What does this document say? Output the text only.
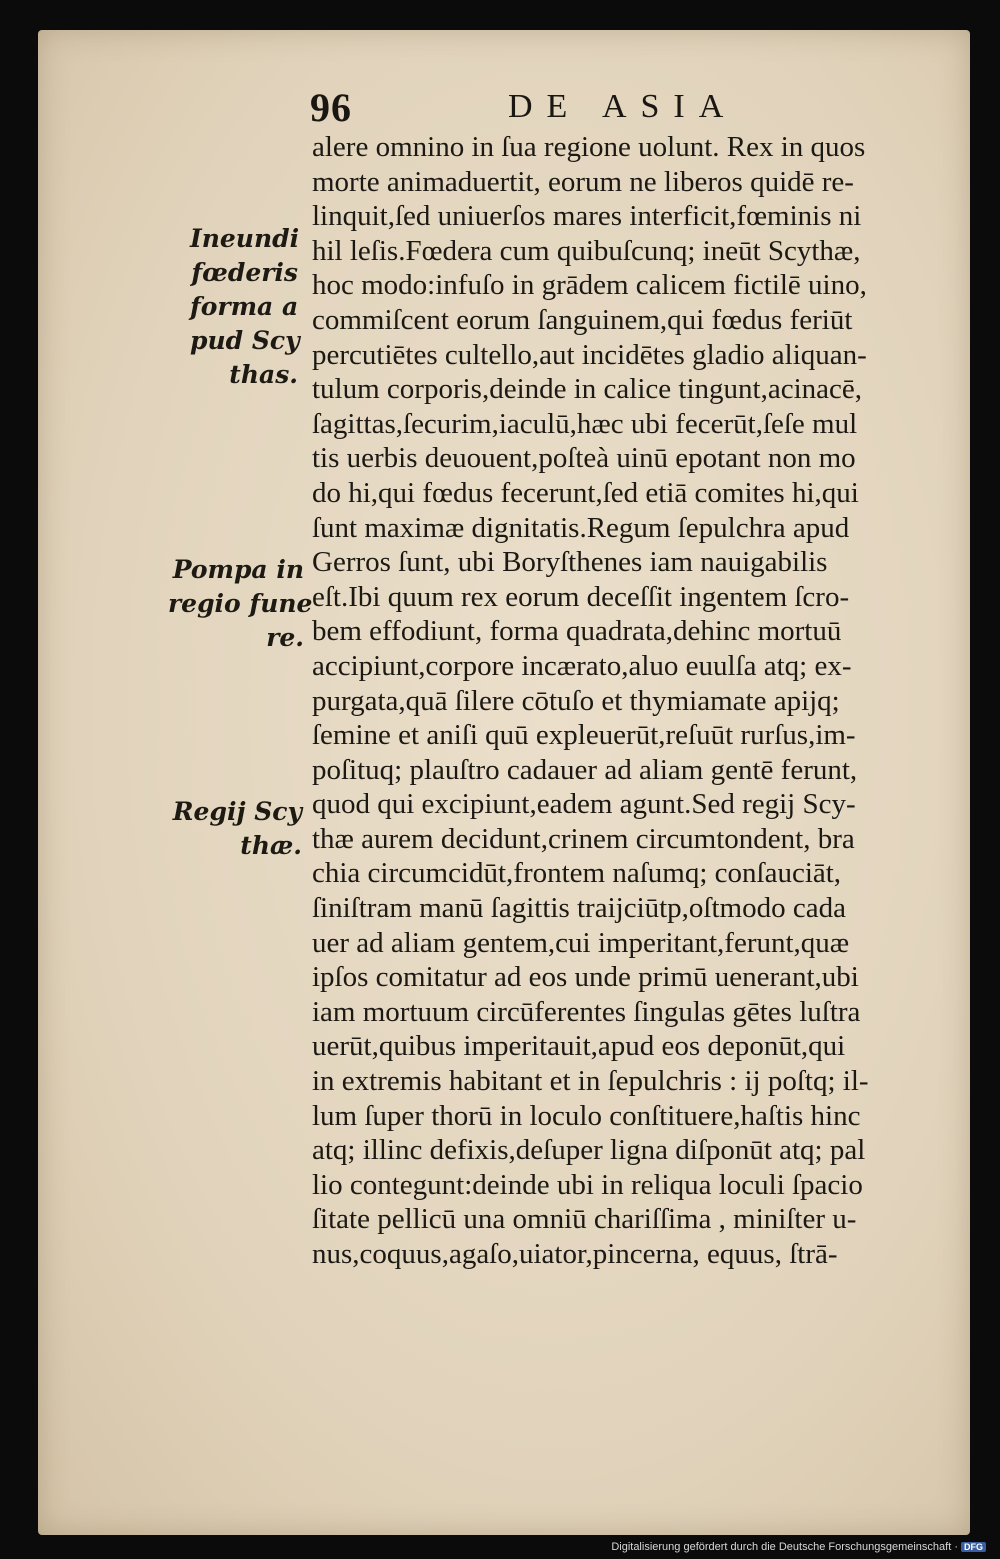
96	DE ASIA
alere omnino in ſua regione uolunt. Rex in quos
morte animaduertit, eorum ne liberos quidē re-
linquit,ſed uniuerſos mares interficit,fœminis ni
hil leſis.Fœdera cum quibuſcunq; ineūt Scythæ,
hoc modo:infuſo in grādem calicem fictilē uino,
commiſcent eorum ſanguinem,qui fœdus feriūt
percutiētes cultello,aut incidētes gladio aliquan-
tulum corporis,deinde in calice tingunt,acinacē,
ſagittas,ſecurim,iaculū,hæc ubi fecerūt,ſeſe mul
tis uerbis deuouent,poſteà uinū epotant non mo
do hi,qui fœdus fecerunt,ſed etiā comites hi,qui
ſunt maximæ dignitatis.Regum ſepulchra apud
Gerros ſunt, ubi Boryſthenes iam nauigabilis
eſt.Ibi quum rex eorum deceſſit ingentem ſcro-
bem effodiunt, forma quadrata,dehinc mortuū
accipiunt,corpore incærato,aluo euulſa atq; ex-
purgata,quā ſilere cōtuſo et thymiamate apijq;
ſemine et aniſi quū expleuerūt,reſuūt rurſus,im-
poſituq; plauſtro cadauer ad aliam gentē ferunt,
quod qui excipiunt,eadem agunt.Sed regij Scy-
thæ aurem decidunt,crinem circumtondent, bra
chia circumcidūt,frontem naſumq; conſauciāt,
ſiniſtram manū ſagittis traijciūtp,oſtmodo cada
uer ad aliam gentem,cui imperitant,ferunt,quæ
ipſos comitatur ad eos unde primū uenerant,ubi
iam mortuum circūferentes ſingulas gētes luſtra
uerūt,quibus imperitauit,apud eos deponūt,qui
in extremis habitant et in ſepulchris : ij poſtq; il-
lum ſuper thorū in loculo conſtituere,haſtis hinc
atq; illinc defixis,deſuper ligna diſponūt atq; pal
lio contegunt:deinde ubi in reliqua loculi ſpacio
ſitate pellicū una omniū chariſſima , miniſter u-
nus,coquus,agaſo,uiator,pincerna, equus, ſtrā-
Ineundi
fœderis
forma a
pud Scy
thas.
Pompa in
regio fune
re.
Regij Scy
thæ.
Digitalisierung gefördert durch die Deutsche Forschungsgemeinschaft · DFG
